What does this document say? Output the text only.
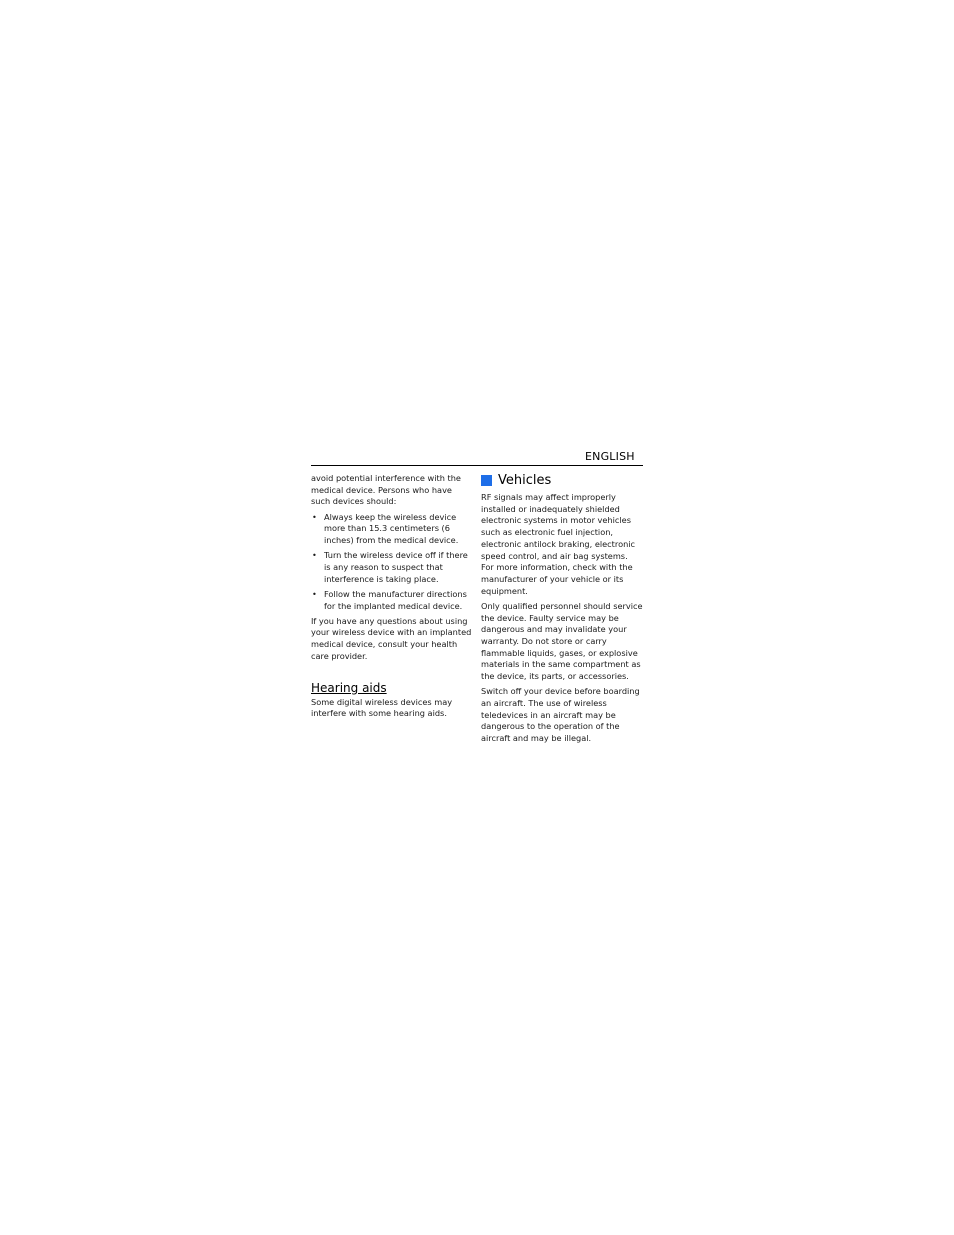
ENGLISH

avoid potential interference with the medical device. Persons who have such devices should:

• Always keep the wireless device more than 15.3 centimeters (6 inches) from the medical device.
• Turn the wireless device off if there is any reason to suspect that interference is taking place.
• Follow the manufacturer directions for the implanted medical device.

If you have any questions about using your wireless device with an implanted medical device, consult your health care provider.

Hearing aids

Some digital wireless devices may interfere with some hearing aids.

Vehicles

RF signals may affect improperly installed or inadequately shielded electronic systems in motor vehicles such as electronic fuel injection, electronic antilock braking, electronic speed control, and air bag systems. For more information, check with the manufacturer of your vehicle or its equipment.

Only qualified personnel should service the device. Faulty service may be dangerous and may invalidate your warranty. Do not store or carry flammable liquids, gases, or explosive materials in the same compartment as the device, its parts, or accessories.

Switch off your device before boarding an aircraft. The use of wireless teledevices in an aircraft may be dangerous to the operation of the aircraft and may be illegal.
